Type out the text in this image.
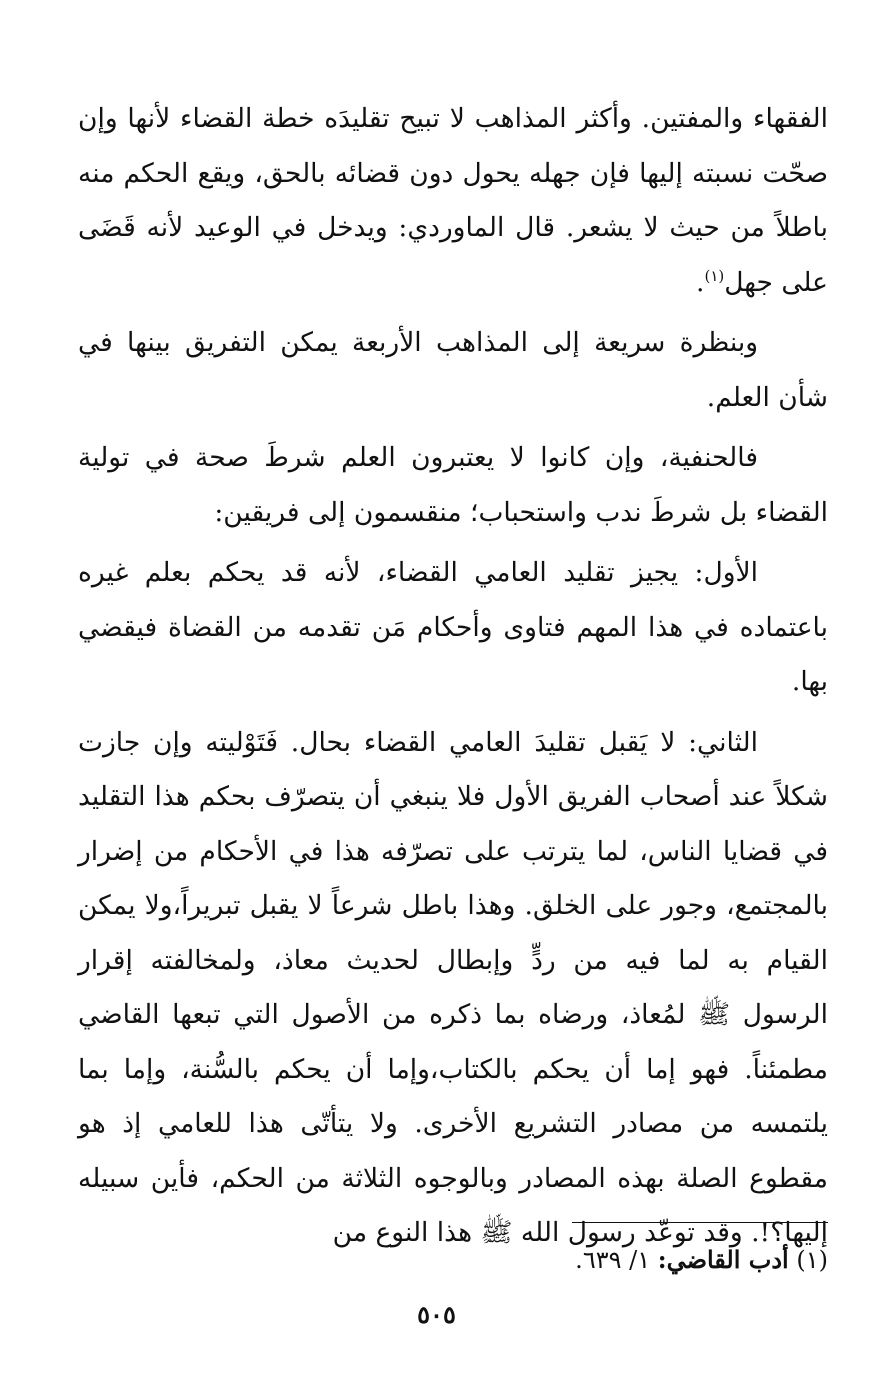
الفقهاء والمفتين. وأكثر المذاهب لا تبيح تقليدَه خطة القضاء لأنها وإن صحّت نسبته إليها فإن جهله يحول دون قضائه بالحق، ويقع الحكم منه باطلاً من حيث لا يشعر. قال الماوردي: ويدخل في الوعيد لأنه قَضَى على جهل$^{(١)}$.

وبنظرة سريعة إلى المذاهب الأربعة يمكن التفريق بينها في شأن العلم.

فالحنفية، وإن كانوا لا يعتبرون العلم شرطَ صحة في تولية القضاء بل شرطَ ندب واستحباب؛ منقسمون إلى فريقين:

الأول: يجيز تقليد العامي القضاء، لأنه قد يحكم بعلم غيره باعتماده في هذا المهم فتاوى وأحكام مَن تقدمه من القضاة فيقضي بها.

الثاني: لا يَقبل تقليدَ العامي القضاء بحال. فَتَوْليته وإن جازت شكلاً عند أصحاب الفريق الأول فلا ينبغي أن يتصرّف بحكم هذا التقليد في قضايا الناس، لما يترتب على تصرّفه هذا في الأحكام من إضرار بالمجتمع، وجور على الخلق. وهذا باطل شرعاً لا يقبل تبريراً،ولا يمكن القيام به لما فيه من ردٍّ وإبطال لحديث معاذ، ولمخالفته إقرار الرسول ﷺ لمُعاذ، ورضاه بما ذكره من الأصول التي تبعها القاضي مطمئناً. فهو إما أن يحكم بالكتاب،وإما أن يحكم بالسُّنة، وإما بما يلتمسه من مصادر التشريع الأخرى. ولا يتأتّى هذا للعامي إذ هو مقطوع الصلة بهذه المصادر وبالوجوه الثلاثة من الحكم، فأين سبيله إليها؟!. وقد توعّد رسول الله ﷺ هذا النوع من

(١) أدب القاضي: ١/ ٦٣٩.
٥٠٥
